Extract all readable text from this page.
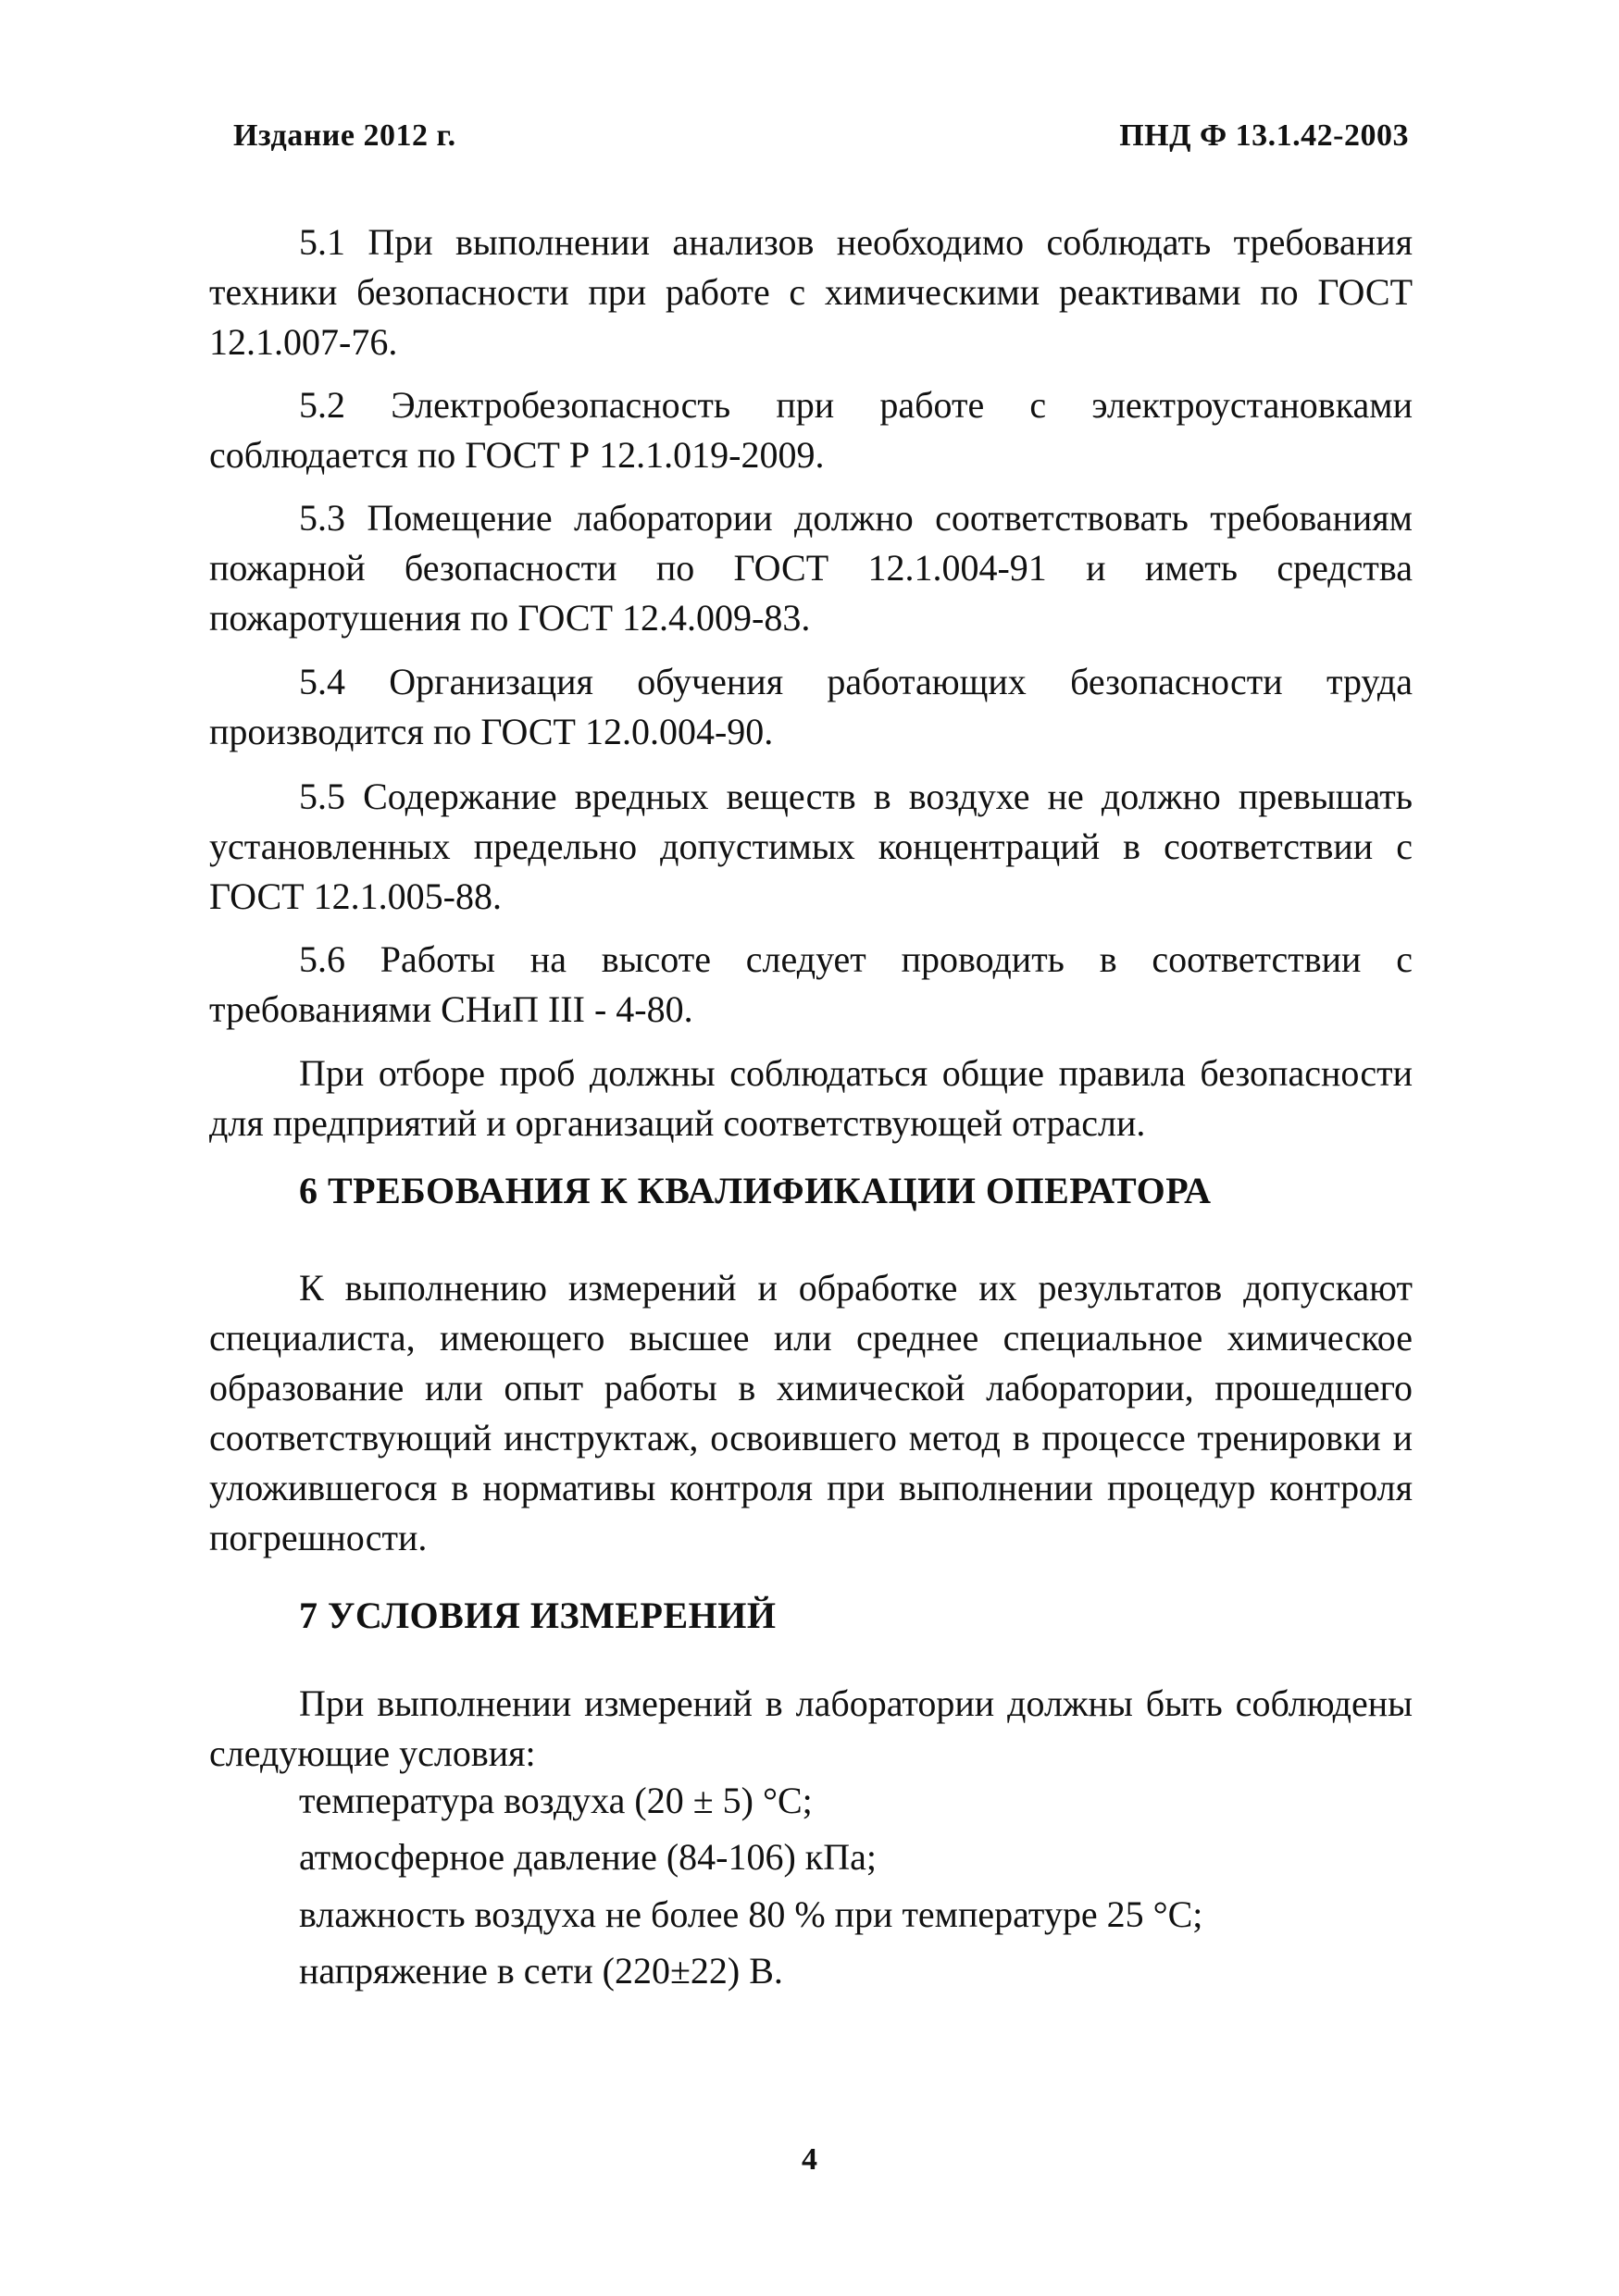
Издание 2012 г.	ПНД Ф 13.1.42-2003

5.1 При выполнении анализов необходимо соблюдать требования техники безопасности при работе с химическими реактивами по ГОСТ 12.1.007-76.

5.2 Электробезопасность при работе с электроустановками соблюдается по ГОСТ Р 12.1.019-2009.

5.3 Помещение лаборатории должно соответствовать требованиям пожарной безопасности по ГОСТ 12.1.004-91 и иметь средства пожаротушения по ГОСТ 12.4.009-83.

5.4 Организация обучения работающих безопасности труда производится по ГОСТ 12.0.004-90.

5.5 Содержание вредных веществ в воздухе не должно превышать установленных предельно допустимых концентраций в соответствии с ГОСТ 12.1.005-88.

5.6 Работы на высоте следует проводить в соответствии с требованиями СНиП III - 4-80.

При отборе проб должны соблюдаться общие правила безопасности для предприятий и организаций соответствующей отрасли.

6 ТРЕБОВАНИЯ К КВАЛИФИКАЦИИ ОПЕРАТОРА

К выполнению измерений и обработке их результатов допускают специалиста, имеющего высшее или среднее специальное химическое образование или опыт работы в химической лаборатории, прошедшего соответствующий инструктаж, освоившего метод в процессе тренировки и уложившегося в нормативы контроля при выполнении процедур контроля погрешности.

7 УСЛОВИЯ ИЗМЕРЕНИЙ

При выполнении измерений в лаборатории должны быть соблюдены следующие условия:

температура воздуха (20 ± 5) °С;
атмосферное давление (84-106) кПа;
влажность воздуха не более 80 % при температуре 25 °С;
напряжение в сети (220±22) В.
4
